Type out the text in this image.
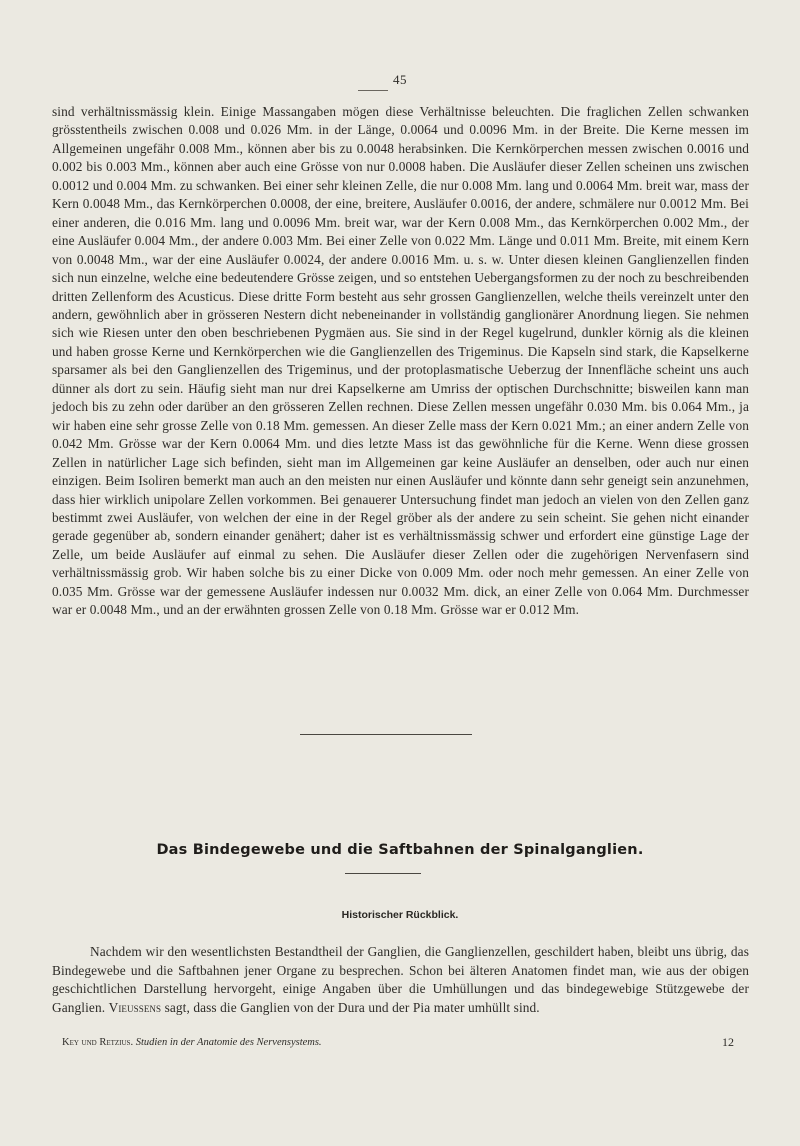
45

sind verhältnissmässig klein. Einige Massangaben mögen diese Verhältnisse beleuchten. Die fraglichen Zellen schwanken grösstentheils zwischen 0.008 und 0.026 Mm. in der Länge, 0.0064 und 0.0096 Mm. in der Breite. Die Kerne messen im Allgemeinen ungefähr 0.008 Mm., können aber bis zu 0.0048 herabsinken. Die Kernkörperchen messen zwischen 0.0016 und 0.002 bis 0.003 Mm., können aber auch eine Grösse von nur 0.0008 haben. Die Ausläufer dieser Zellen scheinen uns zwischen 0.0012 und 0.004 Mm. zu schwanken. Bei einer sehr kleinen Zelle, die nur 0.008 Mm. lang und 0.0064 Mm. breit war, mass der Kern 0.0048 Mm., das Kernkörperchen 0.0008, der eine, breitere, Ausläufer 0.0016, der andere, schmälere nur 0.0012 Mm. Bei einer anderen, die 0.016 Mm. lang und 0.0096 Mm. breit war, war der Kern 0.008 Mm., das Kernkörperchen 0.002 Mm., der eine Ausläufer 0.004 Mm., der andere 0.003 Mm. Bei einer Zelle von 0.022 Mm. Länge und 0.011 Mm. Breite, mit einem Kern von 0.0048 Mm., war der eine Ausläufer 0.0024, der andere 0.0016 Mm. u. s. w. Unter diesen kleinen Ganglienzellen finden sich nun einzelne, welche eine bedeutendere Grösse zeigen, und so entstehen Uebergangsformen zu der noch zu beschreibenden dritten Zellenform des Acusticus. Diese dritte Form besteht aus sehr grossen Ganglienzellen, welche theils vereinzelt unter den andern, gewöhnlich aber in grösseren Nestern dicht nebeneinander in vollständig ganglionärer Anordnung liegen. Sie nehmen sich wie Riesen unter den oben beschriebenen Pygmäen aus. Sie sind in der Regel kugelrund, dunkler körnig als die kleinen und haben grosse Kerne und Kernkörperchen wie die Ganglienzellen des Trigeminus. Die Kapseln sind stark, die Kapselkerne sparsamer als bei den Ganglienzellen des Trigeminus, und der protoplasmatische Ueberzug der Innenfläche scheint uns auch dünner als dort zu sein. Häufig sieht man nur drei Kapselkerne am Umriss der optischen Durchschnitte; bisweilen kann man jedoch bis zu zehn oder darüber an den grösseren Zellen rechnen. Diese Zellen messen ungefähr 0.030 Mm. bis 0.064 Mm., ja wir haben eine sehr grosse Zelle von 0.18 Mm. gemessen. An dieser Zelle mass der Kern 0.021 Mm.; an einer andern Zelle von 0.042 Mm. Grösse war der Kern 0.0064 Mm. und dies letzte Mass ist das gewöhnliche für die Kerne. Wenn diese grossen Zellen in natürlicher Lage sich befinden, sieht man im Allgemeinen gar keine Ausläufer an denselben, oder auch nur einen einzigen. Beim Isoliren bemerkt man auch an den meisten nur einen Ausläufer und könnte dann sehr geneigt sein anzunehmen, dass hier wirklich unipolare Zellen vorkommen. Bei genauerer Untersuchung findet man jedoch an vielen von den Zellen ganz bestimmt zwei Ausläufer, von welchen der eine in der Regel gröber als der andere zu sein scheint. Sie gehen nicht einander gerade gegenüber ab, sondern einander genähert; daher ist es verhältnissmässig schwer und erfordert eine günstige Lage der Zelle, um beide Ausläufer auf einmal zu sehen. Die Ausläufer dieser Zellen oder die zugehörigen Nervenfasern sind verhältnissmässig grob. Wir haben solche bis zu einer Dicke von 0.009 Mm. oder noch mehr gemessen. An einer Zelle von 0.035 Mm. Grösse war der gemessene Ausläufer indessen nur 0.0032 Mm. dick, an einer Zelle von 0.064 Mm. Durchmesser war er 0.0048 Mm., und an der erwähnten grossen Zelle von 0.18 Mm. Grösse war er 0.012 Mm.

Das Bindegewebe und die Saftbahnen der Spinalganglien.
Historischer Rückblick.

Nachdem wir den wesentlichsten Bestandtheil der Ganglien, die Ganglienzellen, geschildert haben, bleibt uns übrig, das Bindegewebe und die Saftbahnen jener Organe zu besprechen. Schon bei älteren Anatomen findet man, wie aus der obigen geschichtlichen Darstellung hervorgeht, einige Angaben über die Umhüllungen und das bindegewebige Stützgewebe der Ganglien. Vieussens sagt, dass die Ganglien von der Dura und der Pia mater umhüllt sind.

Key und Retzius. Studien in der Anatomie des Nervensystems.	12
